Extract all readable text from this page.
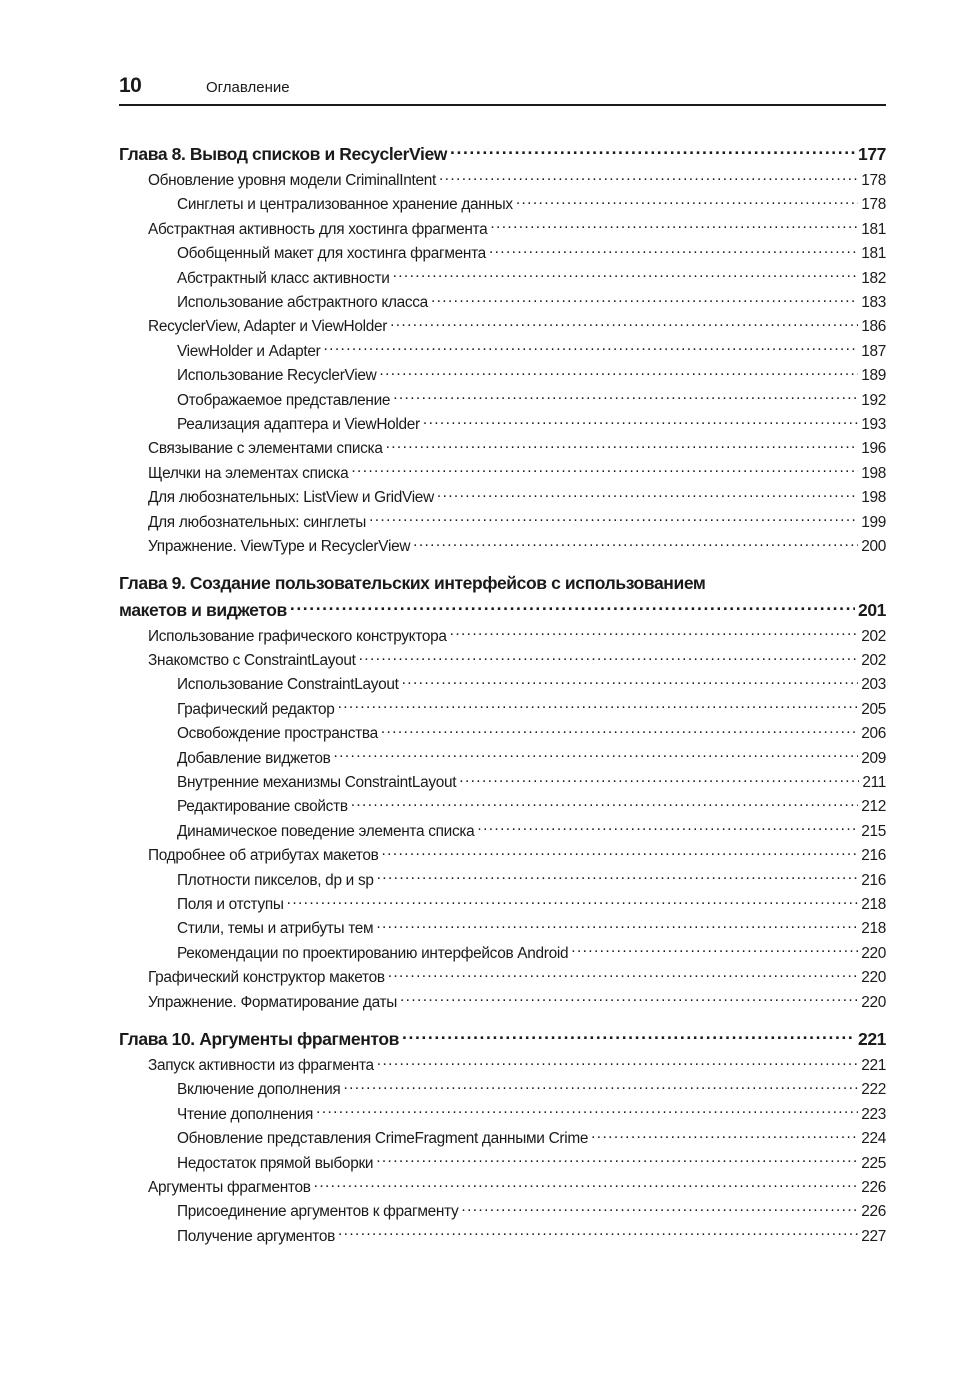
10	Оглавление
Глава 8. Вывод списков и RecyclerView .....	177
Обновление уровня модели CriminalIntent .....	178
Синглеты и централизованное хранение данных .....	178
Абстрактная активность для хостинга фрагмента .....	181
Обобщенный макет для хостинга фрагмента .....	181
Абстрактный класс активности .....	182
Использование абстрактного класса .....	183
RecyclerView, Adapter и ViewHolder .....	186
ViewHolder и Adapter .....	187
Использование RecyclerView .....	189
Отображаемое представление .....	192
Реализация адаптера и ViewHolder .....	193
Связывание с элементами списка .....	196
Щелчки на элементах списка .....	198
Для любознательных: ListView и GridView .....	198
Для любознательных: синглеты .....	199
Упражнение. ViewType и RecyclerView .....	200
Глава 9. Создание пользовательских интерфейсов с использованием
макетов и виджетов .....	201
Использование графического конструктора .....	202
Знакомство с ConstraintLayout .....	202
Использование ConstraintLayout .....	203
Графический редактор .....	205
Освобождение пространства .....	206
Добавление виджетов .....	209
Внутренние механизмы ConstraintLayout .....	211
Редактирование свойств .....	212
Динамическое поведение элемента списка .....	215
Подробнее об атрибутах макетов .....	216
Плотности пикселов, dp и sp .....	216
Поля и отступы .....	218
Стили, темы и атрибуты тем .....	218
Рекомендации по проектированию интерфейсов Android .....	220
Графический конструктор макетов .....	220
Упражнение. Форматирование даты .....	220
Глава 10. Аргументы фрагментов .....	221
Запуск активности из фрагмента .....	221
Включение дополнения .....	222
Чтение дополнения .....	223
Обновление представления CrimeFragment данными Crime .....	224
Недостаток прямой выборки .....	225
Аргументы фрагментов .....	226
Присоединение аргументов к фрагменту .....	226
Получение аргументов .....	227
